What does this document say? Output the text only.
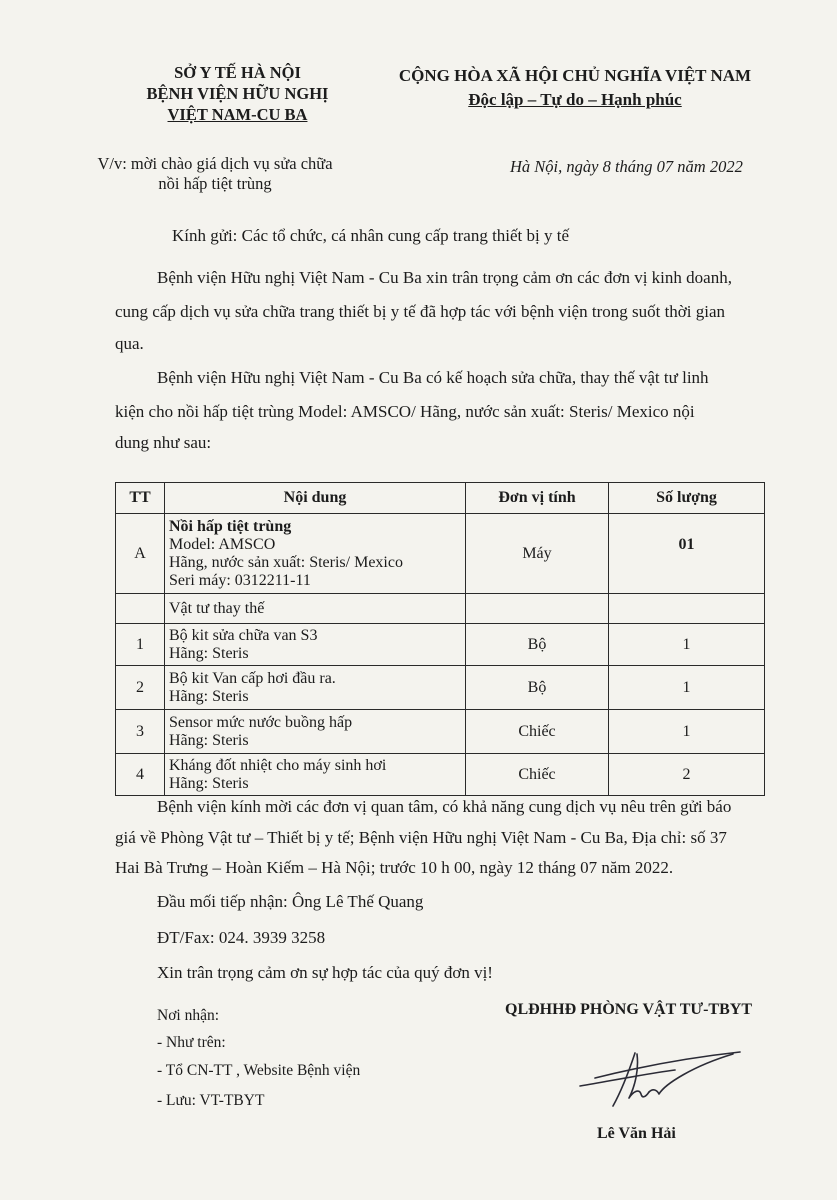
SỞ Y TẾ HÀ NỘI
BỆNH VIỆN HỮU NGHỊ
VIỆT NAM-CU BA
CỘNG HÒA XÃ HỘI CHỦ NGHĨA VIỆT NAM
Độc lập – Tự do – Hạnh phúc
V/v: mời chào giá dịch vụ sửa chữa
nồi hấp tiệt trùng
Hà Nội, ngày 8 tháng 07 năm 2022
Kính gửi: Các tổ chức, cá nhân cung cấp trang thiết bị y tế
Bệnh viện Hữu nghị Việt Nam - Cu Ba xin trân trọng cảm ơn các đơn vị kinh doanh,
cung cấp dịch vụ sửa chữa trang thiết bị y tế đã hợp tác với bệnh viện trong suốt thời gian
qua.
Bệnh viện Hữu nghị Việt Nam - Cu Ba có kế hoạch sửa chữa, thay thế vật tư linh
kiện cho nồi hấp tiệt trùng Model: AMSCO/ Hãng, nước sản xuất: Steris/ Mexico nội
dung như sau:
TT	Nội dung	Đơn vị tính	Số lượng
A	Nồi hấp tiệt trùng
Model: AMSCO
Hãng, nước sản xuất: Steris/ Mexico
Seri máy: 0312211-11	Máy	01
	Vật tư thay thế		
1	Bộ kit sửa chữa van S3
Hãng: Steris	Bộ	1
2	Bộ kit Van cấp hơi đầu ra.
Hãng: Steris	Bộ	1
3	Sensor mức nước buồng hấp
Hãng: Steris	Chiếc	1
4	Kháng đốt nhiệt cho máy sinh hơi
Hãng: Steris	Chiếc	2
Bệnh viện kính mời các đơn vị quan tâm, có khả năng cung dịch vụ nêu trên gửi báo
giá về Phòng Vật tư – Thiết bị y tế; Bệnh viện Hữu nghị Việt Nam - Cu Ba, Địa chỉ: số 37
Hai Bà Trưng – Hoàn Kiếm – Hà Nội; trước 10 h 00, ngày 12 tháng 07 năm 2022.
Đầu mối tiếp nhận: Ông Lê Thế Quang
ĐT/Fax: 024. 3939 3258
Xin trân trọng cảm ơn sự hợp tác của quý đơn vị!
Nơi nhận:
- Như trên:
- Tổ CN-TT , Website Bệnh viện
- Lưu: VT-TBYT
QLĐHHĐ PHÒNG VẬT TƯ-TBYT
Lê Văn Hải
